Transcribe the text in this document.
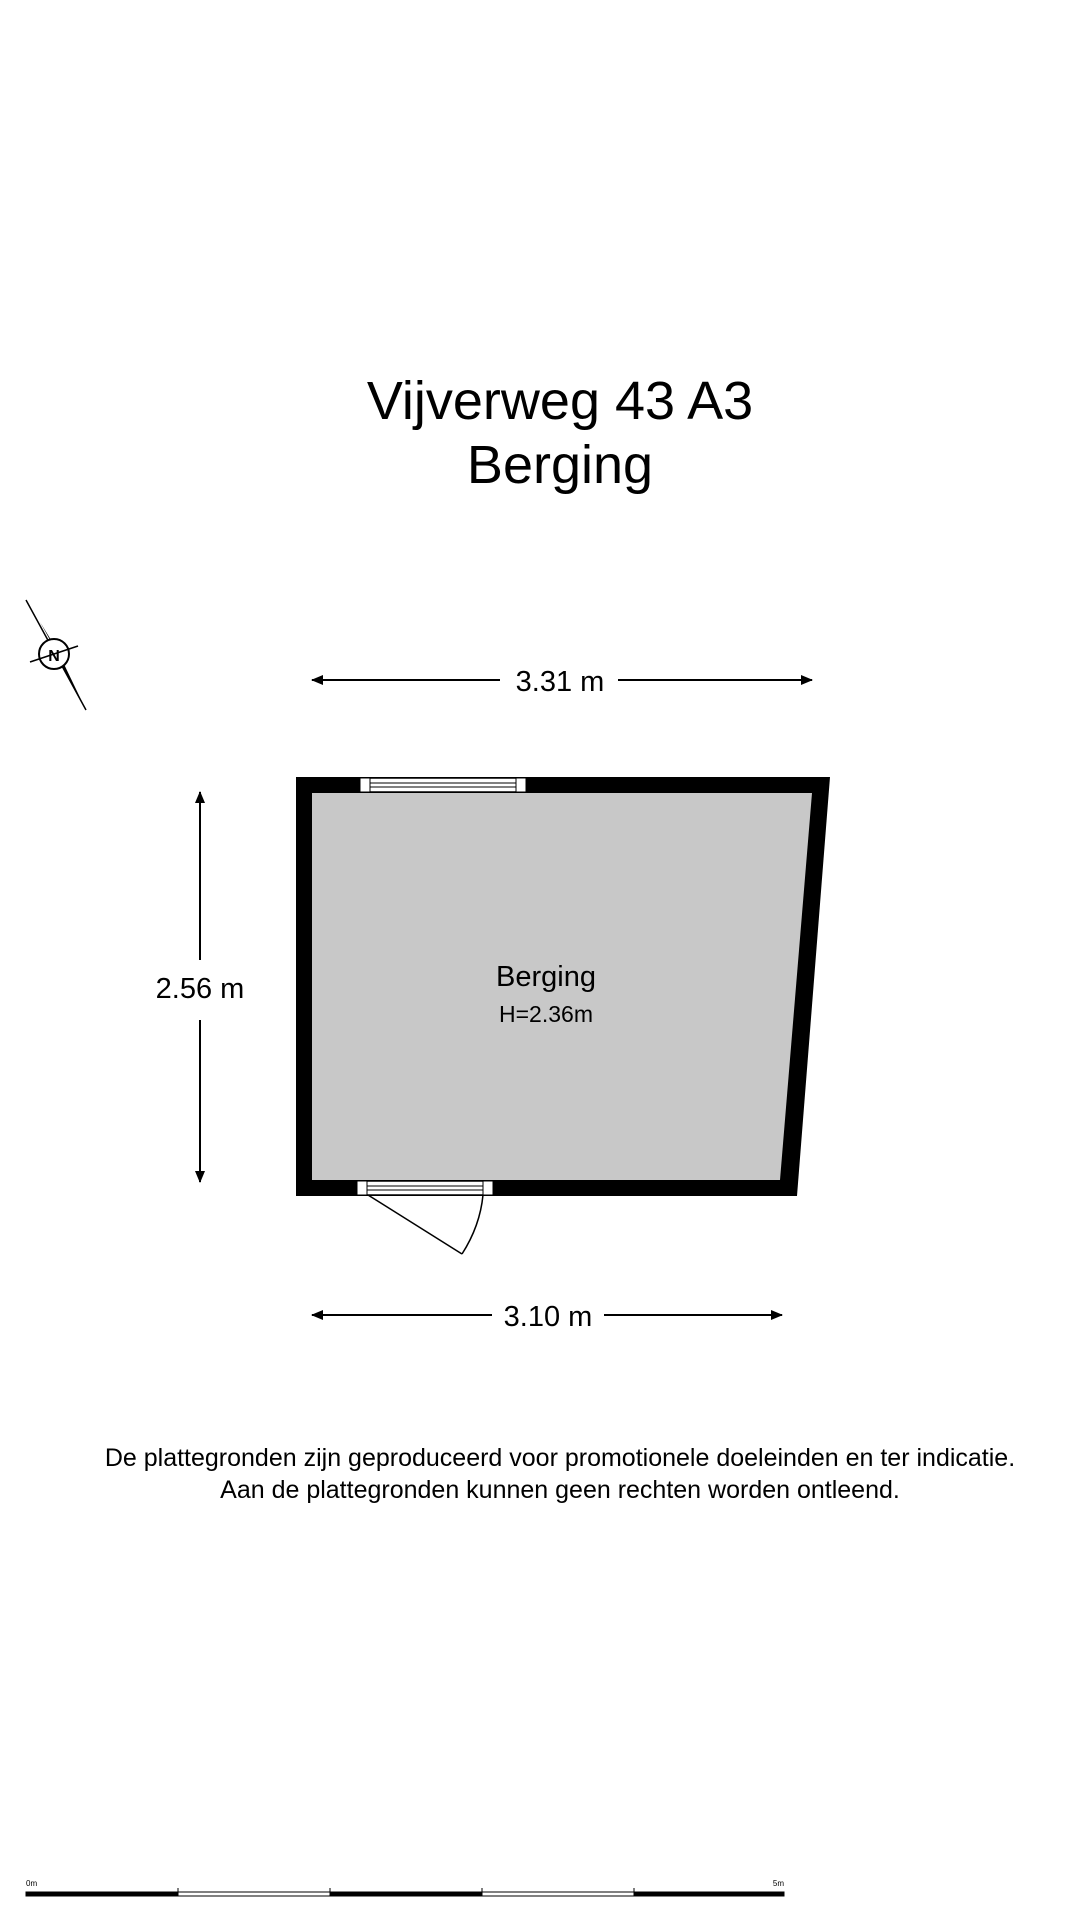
Vijverweg 43 A3
Berging
N
3.31 m
2.56 m	Berging
H=2.36m
3.10 m
0m	5m
De plattegronden zijn geproduceerd voor promotionele doeleinden en ter indicatie.
Aan de plattegronden kunnen geen rechten worden ontleend.
